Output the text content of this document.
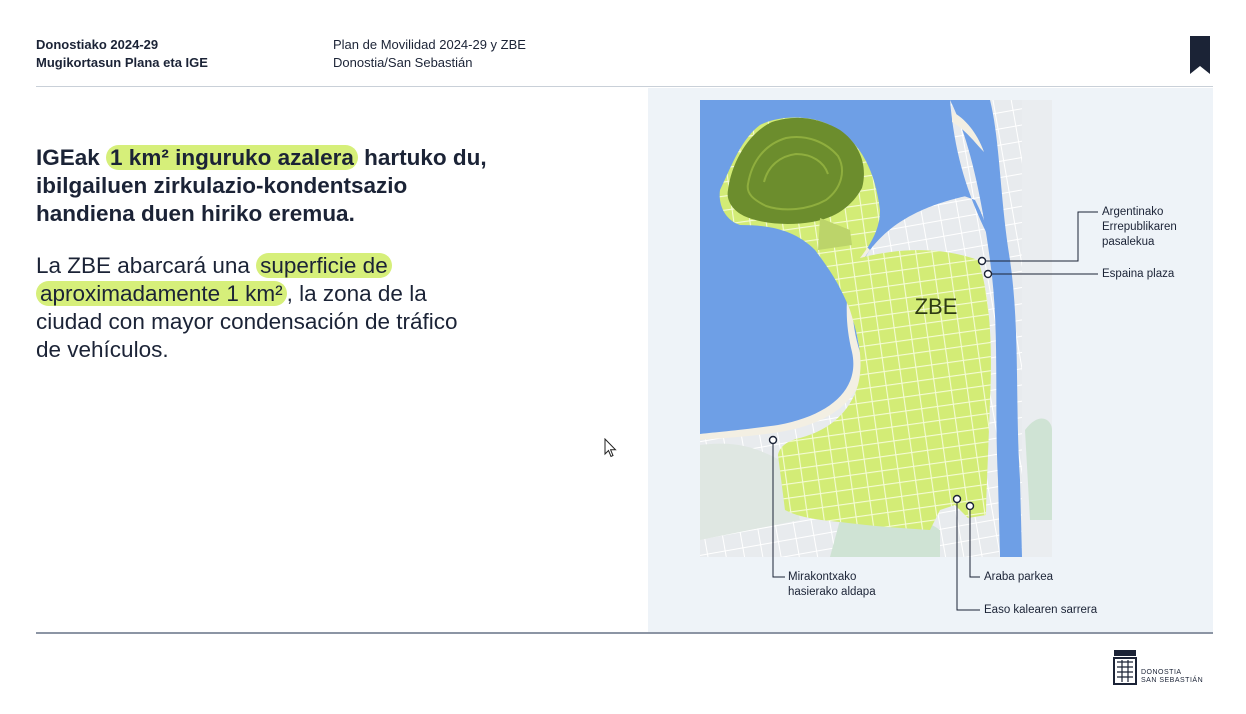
Donostiako 2024-29
Mugikortasun Plana eta IGE
Plan de Movilidad 2024-29 y ZBE
Donostia/San Sebastián
IGEak 1 km² inguruko azalera hartuko du,
ibilgailuen zirkulazio-kondentsazio
handiena duen hiriko eremua.
La ZBE abarcará una superficie de
aproximadamente 1 km² , la zona de la
ciudad con mayor condensación de tráfico
de vehículos.
ZBE
Argentinako
Errepublikaren
pasalekua
Espaina plaza
Mirakontxako
hasierako aldapa
Araba parkea
Easo kalearen sarrera
DONOSTIA
SAN SEBASTIÁN
